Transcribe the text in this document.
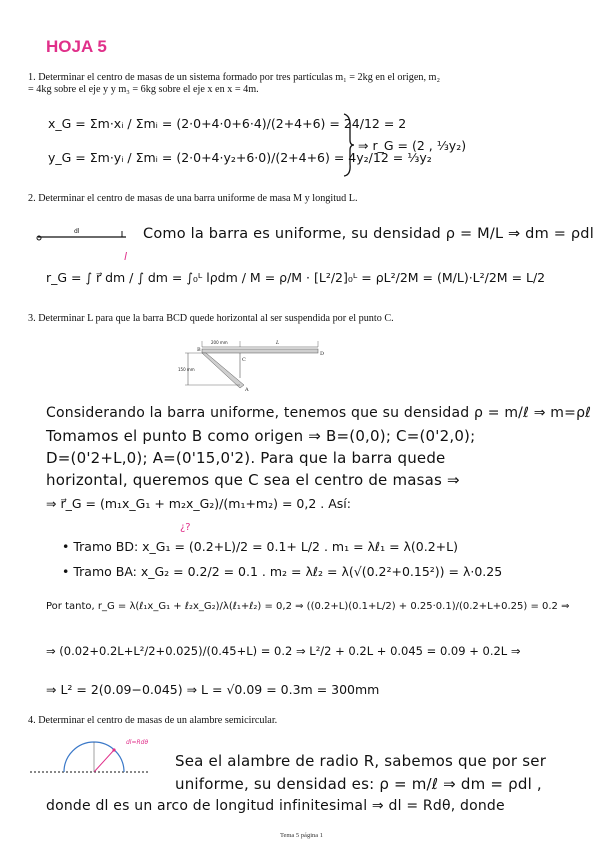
HOJA 5
1. Determinar el centro de masas de un sistema formado por tres partículas m₁ = 2kg en el origen, m₂ = 4kg sobre el eje y y m₃ = 6kg sobre el eje x en x = 4m.
x_G = Σm·xᵢ / Σmᵢ = (2·0+4·0+6·4)/(2+4+6) = 24/12 = 2
y_G = Σm·yᵢ / Σmᵢ = (2·0+4·y₂+6·0)/(2+4+6) = 4y₂/12 = ⅓y₂
⇒ r_G = (2 , ⅓y₂)
2. Determinar el centro de masas de una barra uniforme de masa M y longitud L.
dl	Como la barra es uniforme, su densidad ρ = M/L ⇒ dm = ρdl
l
r_G = ∫ r⃗ dm / ∫ dm = ∫₀ᴸ lρdm / M = ρ/M · [L²/2]₀ᴸ = ρL²/2M = (M/L)·L²/2M = L/2
3. Determinar L para que la barra BCD quede horizontal al ser suspendida por el punto C.
200 mm
150 mm
L
B
C
D
A
Considerando la barra uniforme, tenemos que su densidad ρ = m/ℓ ⇒ m=ρℓ
Tomamos el punto B como origen ⇒ B=(0,0); C=(0'2,0);
D=(0'2+L,0); A=(0'15,0'2). Para que la barra quede
horizontal, queremos que C sea el centro de masas ⇒
⇒ r⃗_G = (m₁x_G₁ + m₂x_G₂)/(m₁+m₂) = 0,2 . Así:
¿?
• Tramo BD: x_G₁ = (0.2+L)/2 = 0.1+ L/2 . m₁ = λℓ₁ = λ(0.2+L)
• Tramo BA: x_G₂ = 0.2/2 = 0.1 . m₂ = λℓ₂ = λ(√(0.2²+0.15²)) = λ·0.25
Por tanto, r_G = λ(ℓ₁x_G₁ + ℓ₂x_G₂)/λ(ℓ₁+ℓ₂) = 0,2 ⇒ ((0.2+L)(0.1+L/2) + 0.25·0.1)/(0.2+L+0.25) = 0.2 ⇒
⇒ (0.02+0.2L+L²/2+0.025)/(0.45+L) = 0.2 ⇒ L²/2 + 0.2L + 0.045 = 0.09 + 0.2L ⇒
⇒ L² = 2(0.09−0.045) ⇒ L = √0.09 = 0.3m = 300mm
4. Determinar el centro de masas de un alambre semicircular.
dl=Rdθ
Sea el alambre de radio R, sabemos que por ser
uniforme, su densidad es: ρ = m/ℓ ⇒ dm = ρdl ,
donde dl es un arco de longitud infinitesimal ⇒ dl = Rdθ, donde
Tema 5 página 1
